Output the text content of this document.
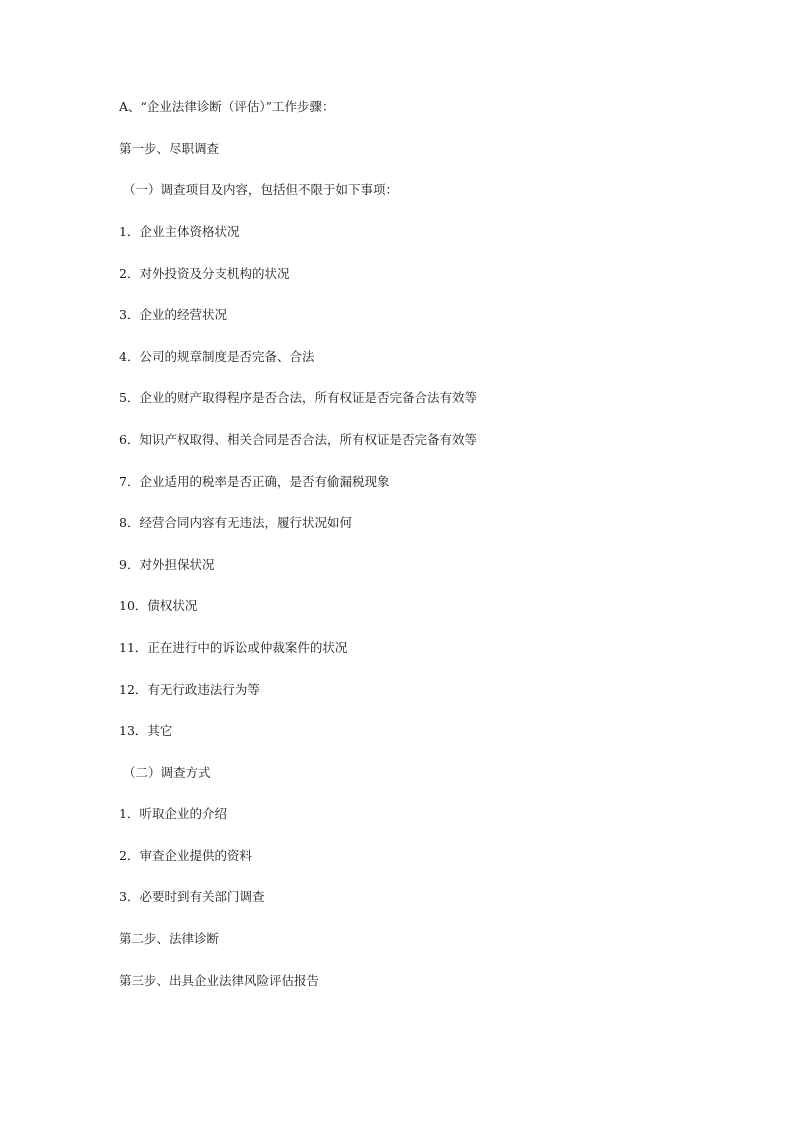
A、“企业法律诊断（评估）”工作步骤：
第一步、尽职调查
（一）调查项目及内容，包括但不限于如下事项：
1．企业主体资格状况
2．对外投资及分支机构的状况
3．企业的经营状况
4．公司的规章制度是否完备、合法
5．企业的财产取得程序是否合法，所有权证是否完备合法有效等
6．知识产权取得、相关合同是否合法，所有权证是否完备有效等
7．企业适用的税率是否正确，是否有偷漏税现象
8．经营合同内容有无违法，履行状况如何
9．对外担保状况
10．债权状况
11．正在进行中的诉讼或仲裁案件的状况
12．有无行政违法行为等
13．其它
（二）调查方式
1．听取企业的介绍
2．审查企业提供的资料
3．必要时到有关部门调查
第二步、法律诊断
第三步、出具企业法律风险评估报告
